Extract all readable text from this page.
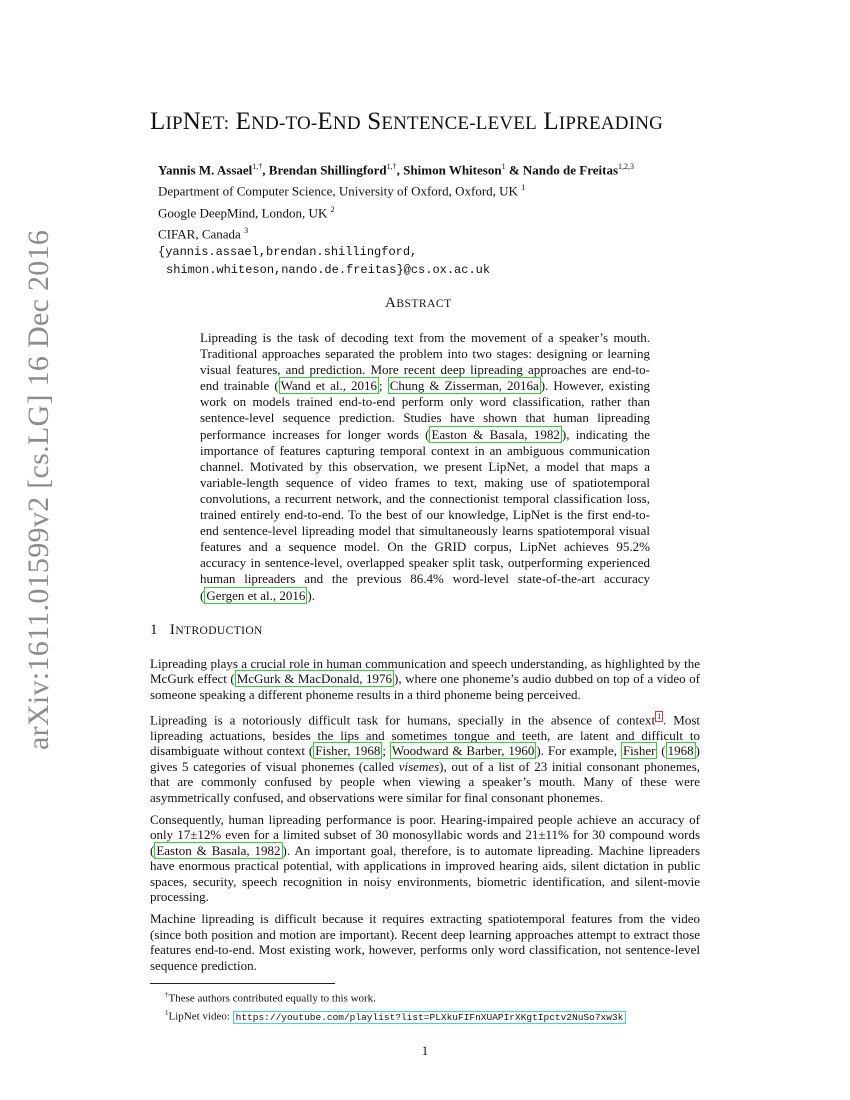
arXiv:1611.01599v2 [cs.LG] 16 Dec 2016
LIPNET: END-TO-END SENTENCE-LEVEL LIPREADING
Yannis M. Assael$^{1,\dagger}$, Brendan Shillingford$^{1,\dagger}$, Shimon Whiteson$^1$ & Nando de Freitas$^{1,2,3}$
Department of Computer Science, University of Oxford, Oxford, UK $^1$
Google DeepMind, London, UK $^2$
CIFAR, Canada $^3$
{yannis.assael,brendan.shillingford,
shimon.whiteson,nando.de.freitas}@cs.ox.ac.uk
ABSTRACT
Lipreading is the task of decoding text from the movement of a speaker’s mouth. Traditional approaches separated the problem into two stages: designing or learning visual features, and prediction. More recent deep lipreading approaches are end-to-end trainable ( Wand et al., 2016 ; Chung & Zisserman, 2016a ). However, existing work on models trained end-to-end perform only word classification, rather than sentence-level sequence prediction. Studies have shown that human lipreading performance increases for longer words ( Easton & Basala, 1982 ), indicating the importance of features capturing temporal context in an ambiguous communication channel. Motivated by this observation, we present LipNet, a model that maps a variable-length sequence of video frames to text, making use of spatiotemporal convolutions, a recurrent network, and the connectionist temporal classification loss, trained entirely end-to-end. To the best of our knowledge, LipNet is the first end-to-end sentence-level lipreading model that simultaneously learns spatiotemporal visual features and a sequence model. On the GRID corpus, LipNet achieves 95.2% accuracy in sentence-level, overlapped speaker split task, outperforming experienced human lipreaders and the previous 86.4% word-level state-of-the-art accuracy ( Gergen et al., 2016 ).
1 INTRODUCTION

Lipreading plays a crucial role in human communication and speech understanding, as highlighted by the McGurk effect ( McGurk & MacDonald, 1976 ), where one phoneme’s audio dubbed on top of a video of someone speaking a different phoneme results in a third phoneme being perceived.

Lipreading is a notoriously difficult task for humans, specially in the absence of context $^1$ . Most lipreading actuations, besides the lips and sometimes tongue and teeth, are latent and difficult to disambiguate without context ( Fisher, 1968 ; Woodward & Barber, 1960 ). For example, Fisher ( 1968 ) gives 5 categories of visual phonemes (called visemes), out of a list of 23 initial consonant phonemes, that are commonly confused by people when viewing a speaker’s mouth. Many of these were asymmetrically confused, and observations were similar for final consonant phonemes.

Consequently, human lipreading performance is poor. Hearing-impaired people achieve an accuracy of only 17±12% even for a limited subset of 30 monosyllabic words and 21±11% for 30 compound words ( Easton & Basala, 1982 ). An important goal, therefore, is to automate lipreading. Machine lipreaders have enormous practical potential, with applications in improved hearing aids, silent dictation in public spaces, security, speech recognition in noisy environments, biometric identification, and silent-movie processing.

Machine lipreading is difficult because it requires extracting spatiotemporal features from the video (since both position and motion are important). Recent deep learning approaches attempt to extract those features end-to-end. Most existing work, however, performs only word classification, not sentence-level sequence prediction.

†These authors contributed equally to this work.
$^1$LipNet video: https://youtube.com/playlist?list=PLXkuFIFnXUAPIrXKgtIpctv2NuSo7xw3k
1
